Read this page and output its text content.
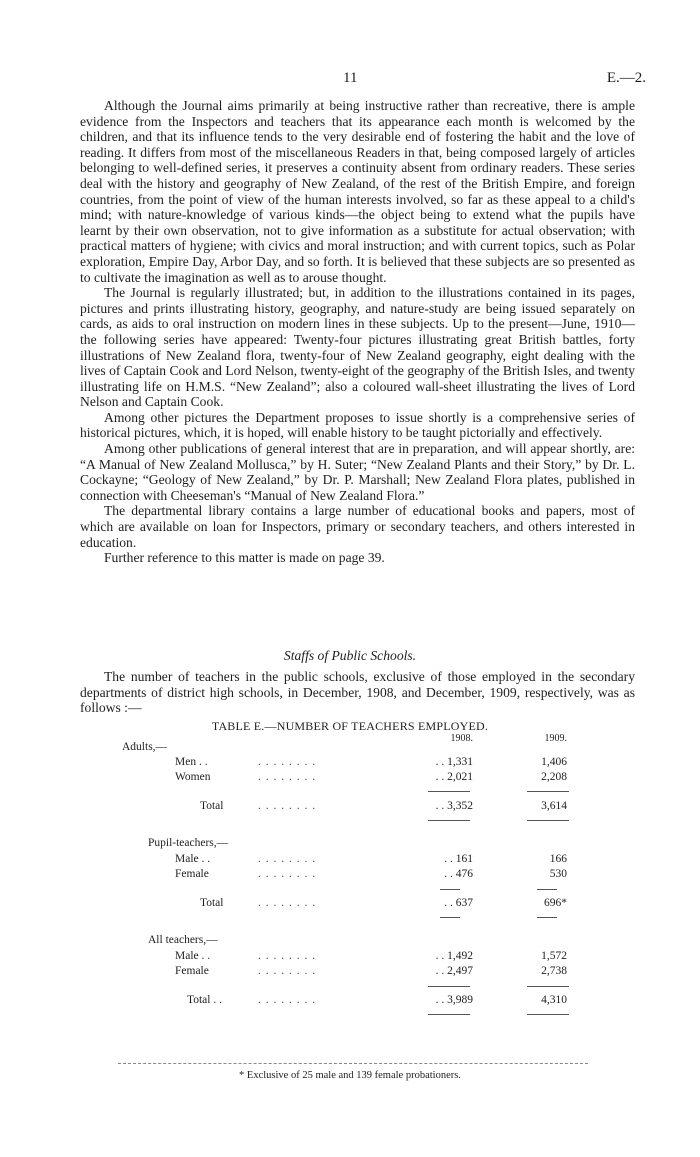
11	E.—2.

Although the Journal aims primarily at being instructive rather than recreative, there is ample evidence from the Inspectors and teachers that its appearance each month is welcomed by the children, and that its influence tends to the very desirable end of fostering the habit and the love of reading. It differs from most of the miscellaneous Readers in that, being composed largely of articles belonging to well-defined series, it preserves a continuity absent from ordinary readers. These series deal with the history and geography of New Zealand, of the rest of the British Empire, and foreign countries, from the point of view of the human interests involved, so far as these appeal to a child's mind; with nature-knowledge of various kinds—the object being to extend what the pupils have learnt by their own observation, not to give information as a substitute for actual observation; with practical matters of hygiene; with civics and moral instruction; and with current topics, such as Polar exploration, Empire Day, Arbor Day, and so forth. It is believed that these subjects are so presented as to cultivate the imagination as well as to arouse thought.

The Journal is regularly illustrated; but, in addition to the illustrations contained in its pages, pictures and prints illustrating history, geography, and nature-study are being issued separately on cards, as aids to oral instruction on modern lines in these subjects. Up to the present—June, 1910—the following series have appeared: Twenty-four pictures illustrating great British battles, forty illustrations of New Zealand flora, twenty-four of New Zealand geography, eight dealing with the lives of Captain Cook and Lord Nelson, twenty-eight of the geography of the British Isles, and twenty illustrating life on H.M.S. “New Zealand”; also a coloured wall-sheet illustrating the lives of Lord Nelson and Captain Cook.

Among other pictures the Department proposes to issue shortly is a comprehensive series of historical pictures, which, it is hoped, will enable history to be taught pictorially and effectively.

Among other publications of general interest that are in preparation, and will appear shortly, are: “A Manual of New Zealand Mollusca,” by H. Suter; “New Zealand Plants and their Story,” by Dr. L. Cockayne; “Geology of New Zealand,” by Dr. P. Marshall; New Zealand Flora plates, published in connection with Cheeseman's “Manual of New Zealand Flora.”

The departmental library contains a large number of educational books and papers, most of which are available on loan for Inspectors, primary or secondary teachers, and others interested in education.

Further reference to this matter is made on page 39.

Staffs of Public Schools.

The number of teachers in the public schools, exclusive of those employed in the secondary departments of district high schools, in December, 1908, and December, 1909, respectively, was as follows :—

TABLE E.—NUMBER OF TEACHERS EMPLOYED.
1908.	1909.
Adults,—
Men . .	. . . . . . . .	. . 1,331	1,406
Women	. . . . . . . .	. . 2,021	2,208
Total	. . . . . . . .	. . 3,352	3,614
Pupil-teachers,—
Male . .	. . . . . . . .	. . 161	166
Female	. . . . . . . .	. . 476	530
Total	. . . . . . . .	. . 637	696*
All teachers,—
Male . .	. . . . . . . .	. . 1,492	1,572
Female	. . . . . . . .	. . 2,497	2,738
Total . .	. . . . . . . .	. . 3,989	4,310
* Exclusive of 25 male and 139 female probationers.
